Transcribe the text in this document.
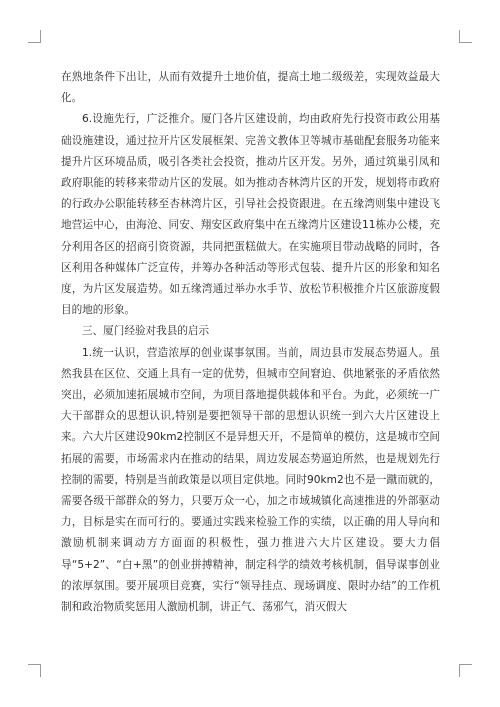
在熟地条件下出让，从而有效提升土地价值，提高土地二级级差，实现效益最大化。

6.设施先行，广泛推介。厦门各片区建设前，均由政府先行投资市政公用基础设施建设，通过拉开片区发展框架、完善文教体卫等城市基础配套服务功能来提升片区环境品质，吸引各类社会投资，推动片区开发。另外，通过筑巢引凤和政府职能的转移来带动片区的发展。如为推动杏林湾片区的开发，规划将市政府的行政办公职能转移至杏林湾片区，引导社会投资跟进。在五缘湾则集中建设飞地营运中心，由海沧、同安、翔安区政府集中在五缘湾片区建设11栋办公楼，充分利用各区的招商引资资源，共同把蛋糕做大。在实施项目带动战略的同时，各区利用各种媒体广泛宣传，并筹办各种活动等形式包装、提升片区的形象和知名度，为片区发展造势。如五缘湾通过举办水手节、放松节积极推介片区旅游度假目的地的形象。

三、厦门经验对我县的启示

1.统一认识，营造浓厚的创业谋事氛围。当前，周边县市发展态势逼人。虽然我县在区位、交通上具有一定的优势，但城市空间窘迫、供地紧张的矛盾依然突出，必须加速拓展城市空间，为项目落地提供载体和平台。为此，必须统一广大干部群众的思想认识,特别是要把领导干部的思想认识统一到六大片区建设上来。六大片区建设90km2控制区不是异想天开，不是简单的模仿，这是城市空间拓展的需要，市场需求内在推动的结果，周边发展态势逼迫所然，也是规划先行控制的需要，特别是当前政策是以项目定供地。同时90km2也不是一蹴而就的，需要各级干部群众的努力，只要万众一心，加之市域城镇化高速推进的外部驱动力，目标是实在而可行的。要通过实践来检验工作的实绩，以正确的用人导向和激励机制来调动方方面面的积极性，强力推进六大片区建设。要大力倡导“5+2”、“白+黑”的创业拼搏精神，制定科学的绩效考核机制，倡导谋事创业的浓厚氛围。要开展项目竞赛，实行“领导挂点、现场调度、限时办结”的工作机制和政治物质奖惩用人激励机制，讲正气、荡邪气，消灭假大
